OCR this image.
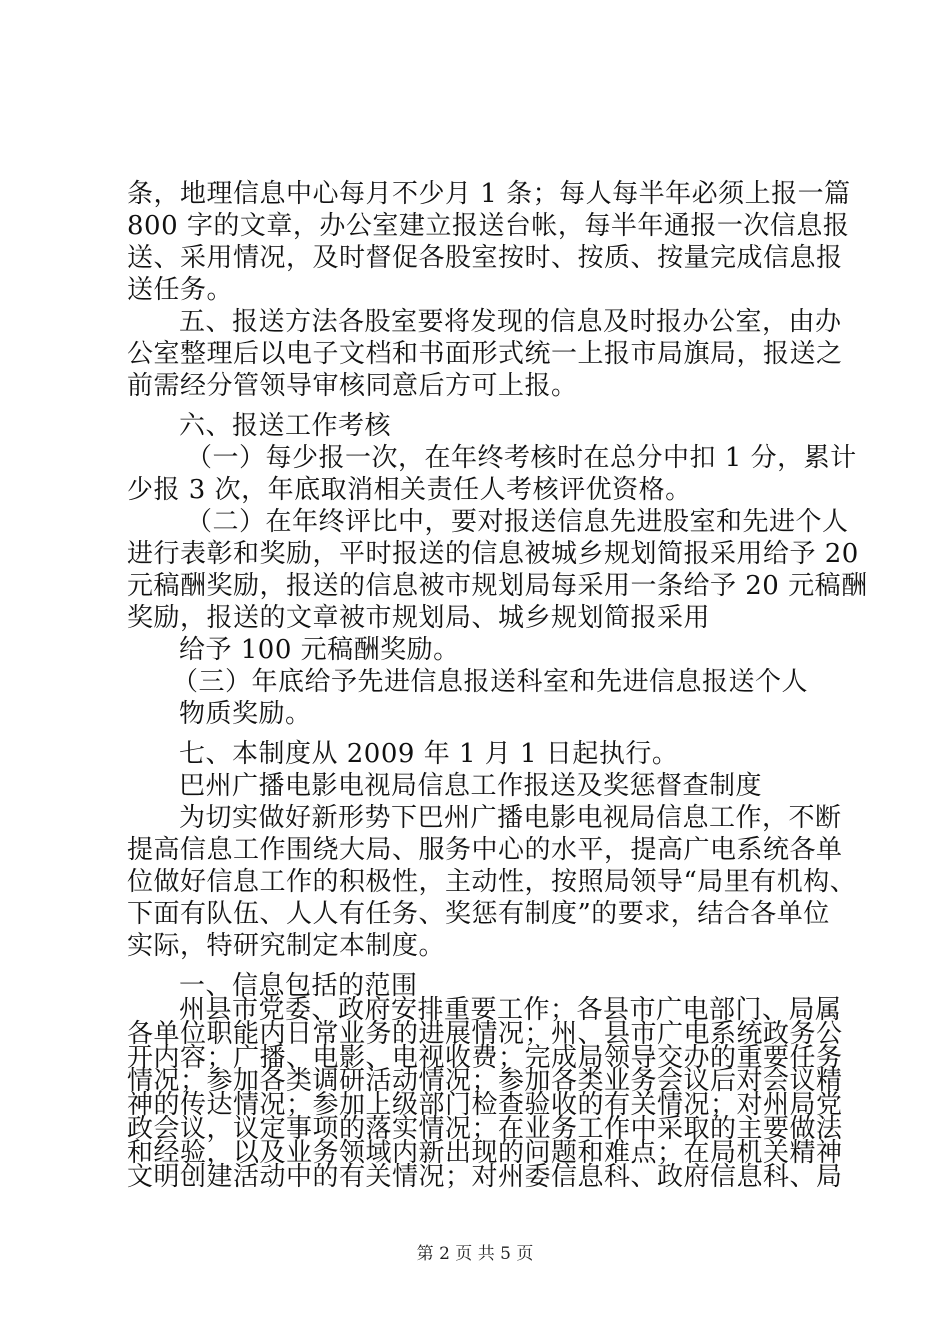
条，地理信息中心每月不少月 1 条；每人每半年必须上报一篇
800 字的文章，办公室建立报送台帐，每半年通报一次信息报
送、采用情况，及时督促各股室按时、按质、按量完成信息报
送任务。
五、报送方法各股室要将发现的信息及时报办公室，由办
公室整理后以电子文档和书面形式统一上报市局旗局，报送之
前需经分管领导审核同意后方可上报。
六、报送工作考核
（一）每少报一次，在年终考核时在总分中扣 1 分，累计
少报 3 次，年底取消相关责任人考核评优资格。
（二）在年终评比中，要对报送信息先进股室和先进个人
进行表彰和奖励，平时报送的信息被城乡规划简报采用给予 20
元稿酬奖励，报送的信息被市规划局每采用一条给予 20 元稿酬
奖励，报送的文章被市规划局、城乡规划简报采用
给予 100 元稿酬奖励。
（三）年底给予先进信息报送科室和先进信息报送个人
物质奖励。
七、本制度从 2009 年 1 月 1 日起执行。
巴州广播电影电视局信息工作报送及奖惩督查制度
为切实做好新形势下巴州广播电影电视局信息工作，不断
提高信息工作围绕大局、服务中心的水平，提高广电系统各单
位做好信息工作的积极性，主动性，按照局领导“局里有机构、
下面有队伍、人人有任务、奖惩有制度”的要求，结合各单位
实际，特研究制定本制度。
一、信息包括的范围
州县市党委、政府安排重要工作；各县市广电部门、局属
各单位职能内日常业务的进展情况；州、县市广电系统政务公
开内容；广播、电影、电视收费；完成局领导交办的重要任务
情况；参加各类调研活动情况；参加各类业务会议后对会议精
神的传达情况；参加上级部门检查验收的有关情况；对州局党
政会议，议定事项的落实情况；在业务工作中采取的主要做法
和经验，以及业务领域内新出现的问题和难点；在局机关精神
文明创建活动中的有关情况；对州委信息科、政府信息科、局
第 2 页 共 5 页
